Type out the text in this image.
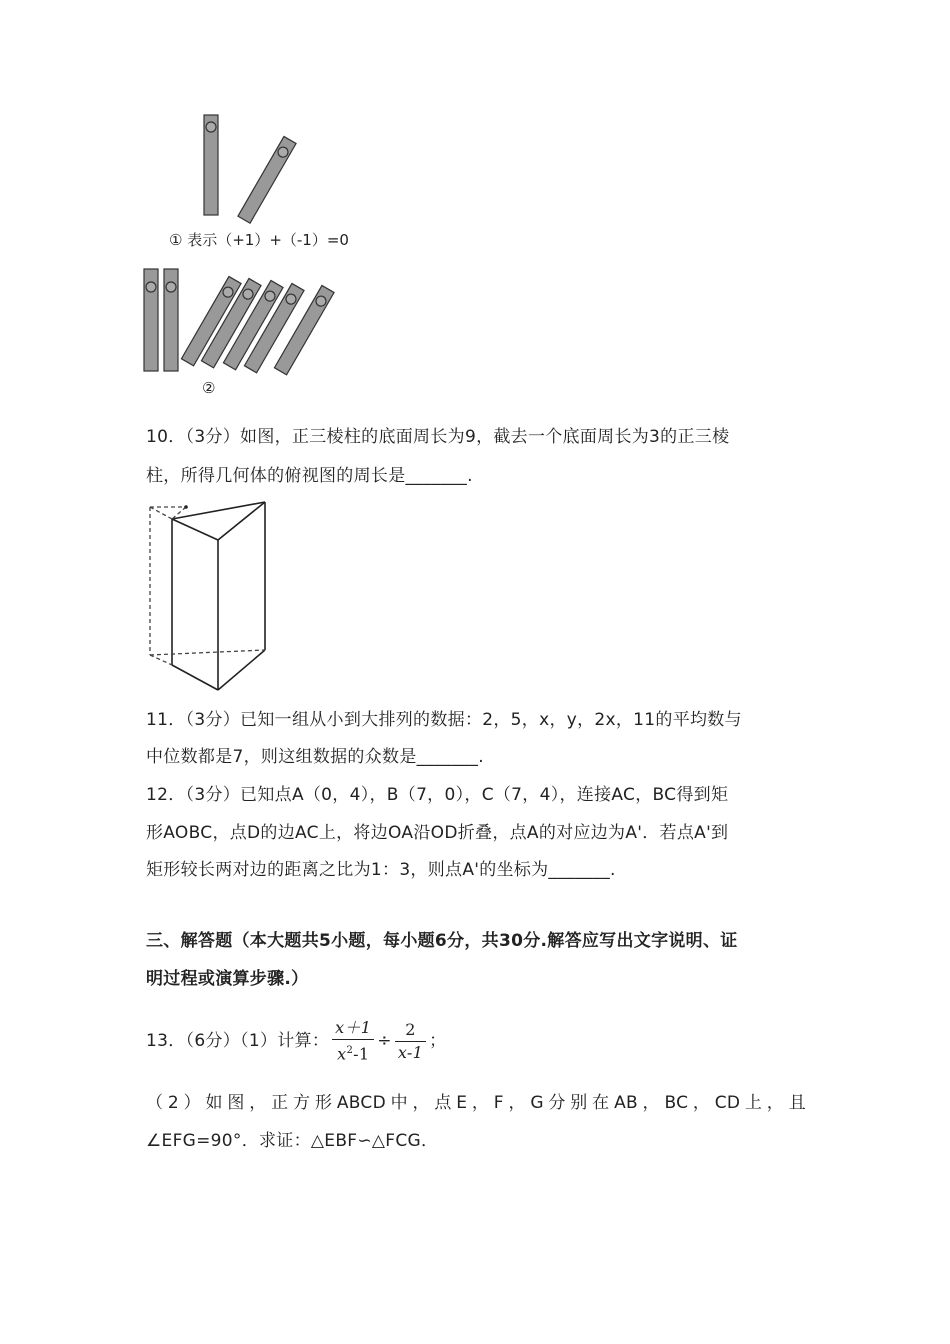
① 表示（+1）+（-1）=0
②
10．（3分）如图，正三棱柱的底面周长为9，截去一个底面周长为3的正三棱
柱，所得几何体的俯视图的周长是_______.
11．（3分）已知一组从小到大排列的数据：2，5，x，y，2x，11的平均数与
中位数都是7，则这组数据的众数是_______.
12．（3分）已知点A（0，4），B（7，0），C（7，4），连接AC，BC得到矩
形AOBC，点D的边AC上，将边OA沿OD折叠，点A的对应边为A'．若点A'到
矩形较长两对边的距离之比为1：3，则点A'的坐标为_______.
三、解答题（本大题共5小题，每小题6分，共30分.解答应写出文字说明、证
明过程或演算步骤.）
13．（6分）（1）计算： $\frac{x+1}{x^2-1} \div \frac{2}{x-1}$ ；
（2）如图，正方形ABCD中，点E，F，G分别在AB，BC，CD上，且
∠EFG=90°．求证：△EBF∽△FCG．
